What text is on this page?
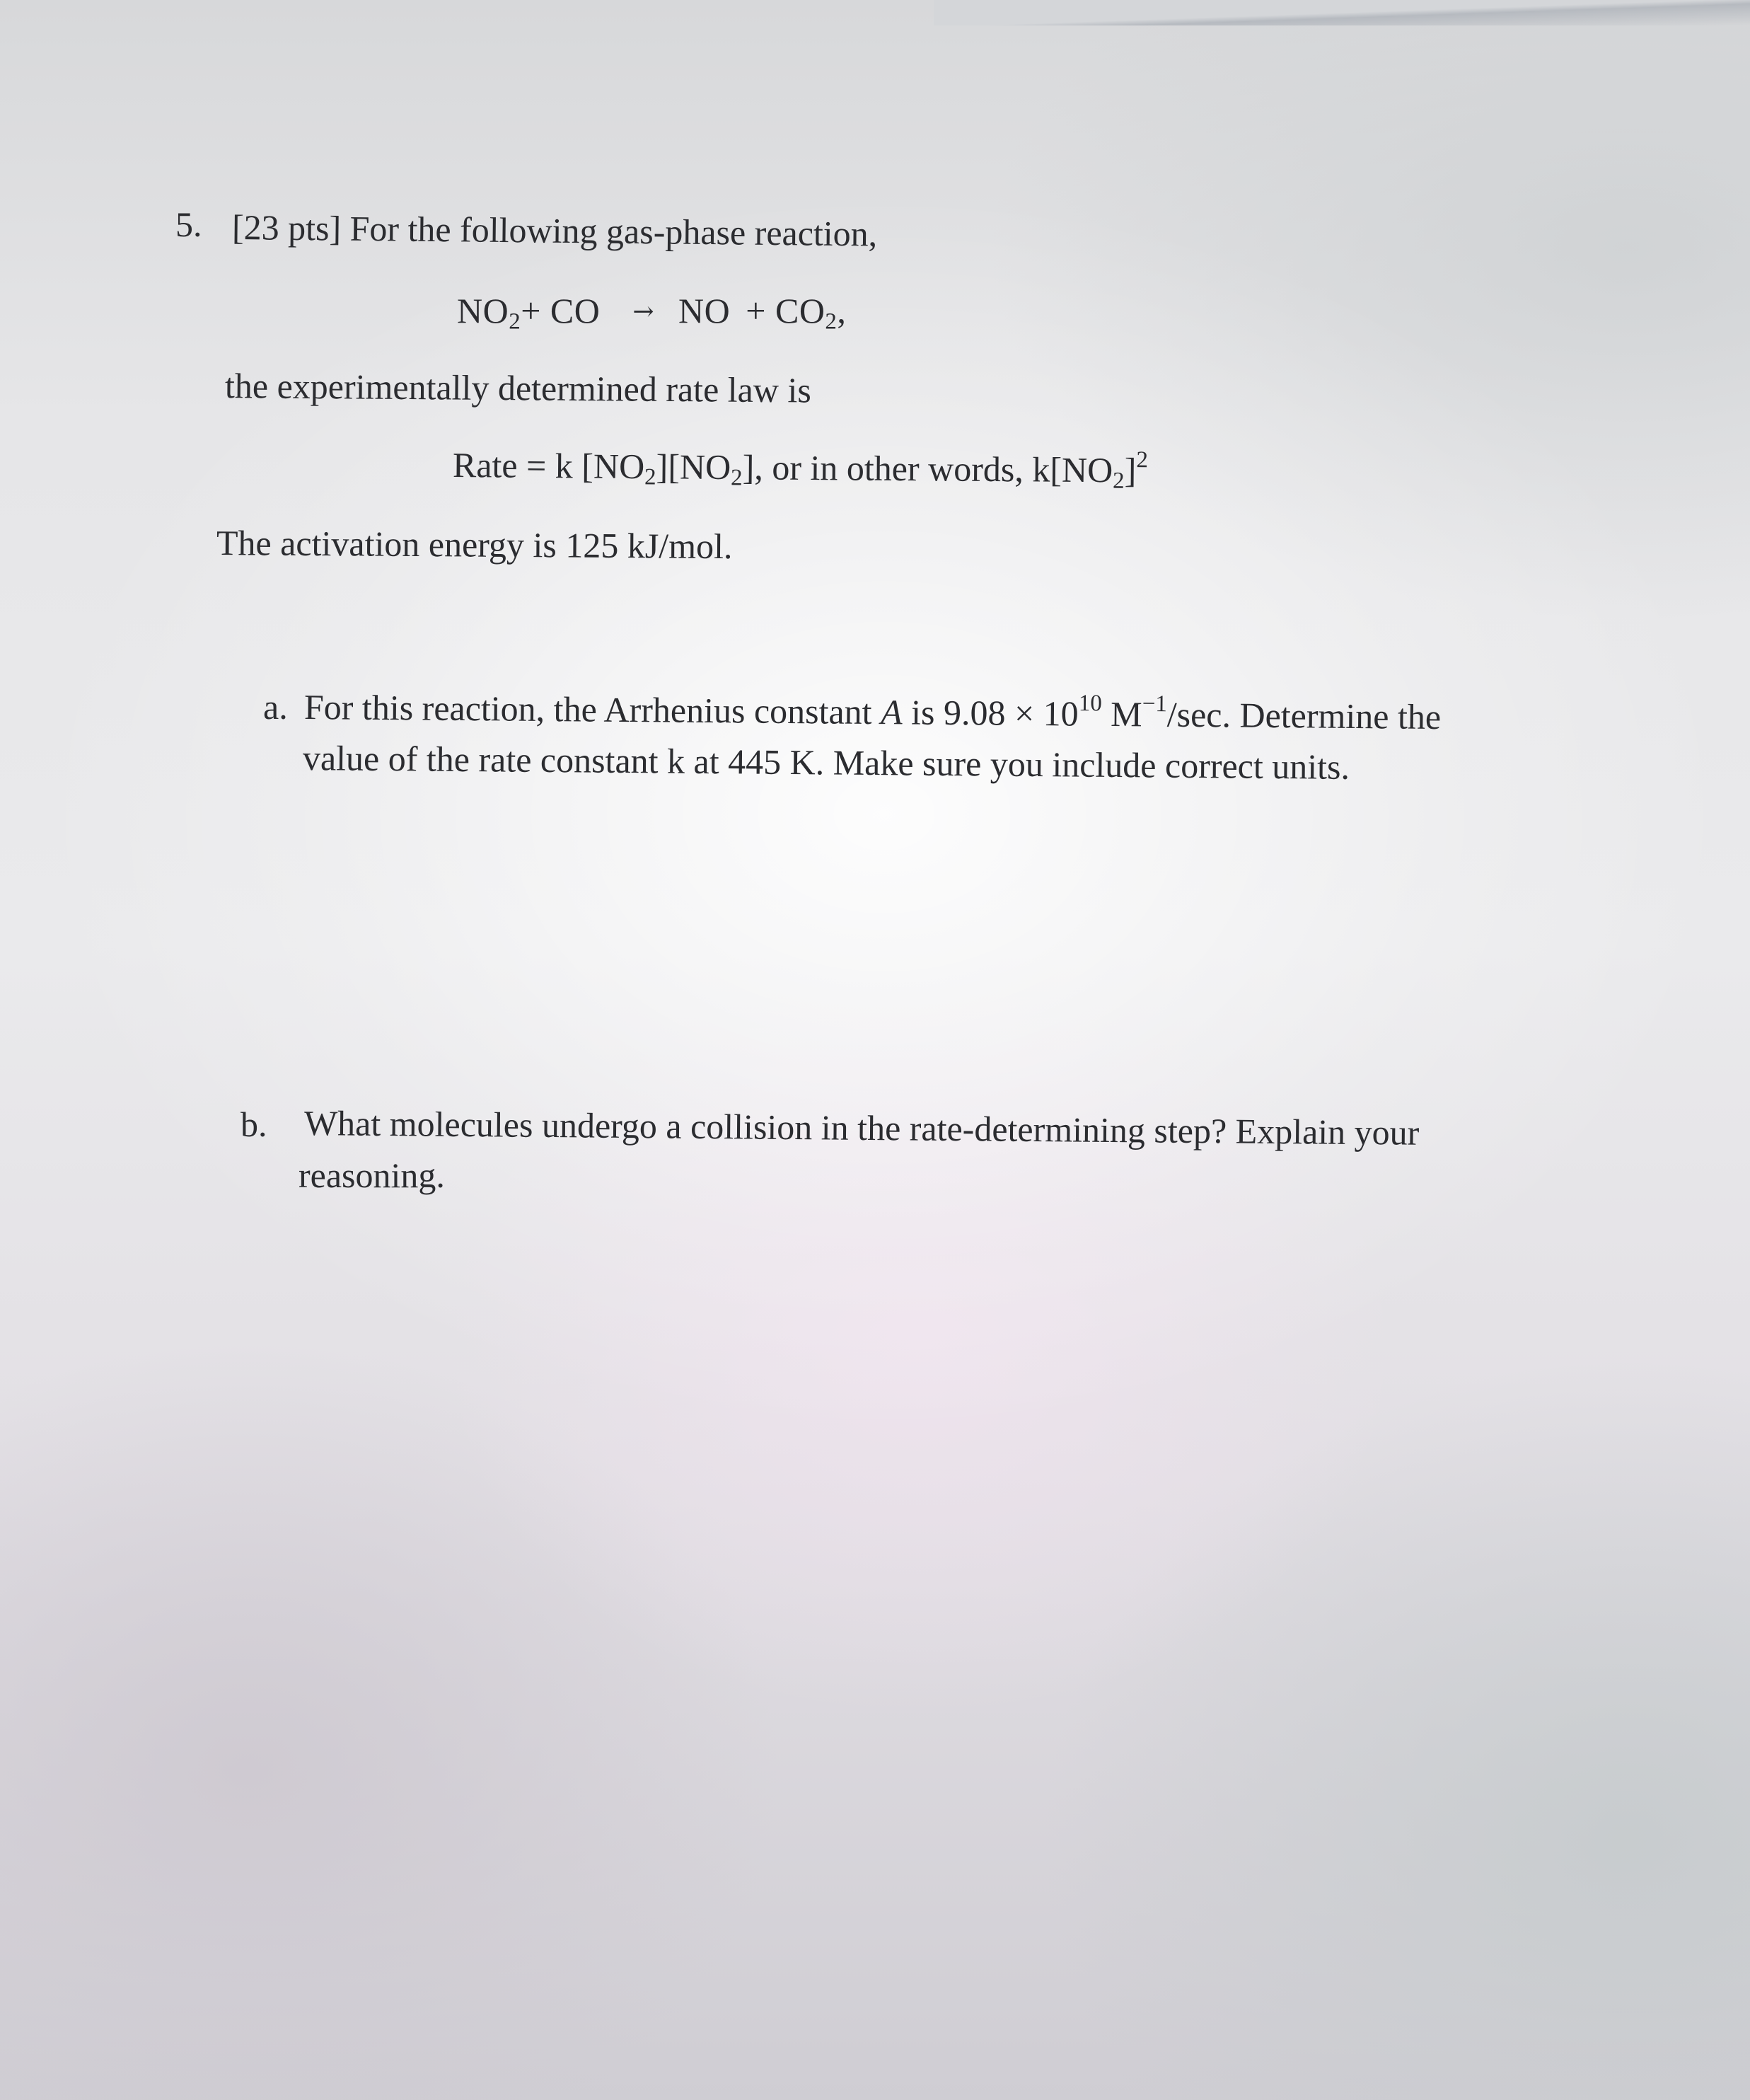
5. [23 pts] For the following gas-phase reaction,
$NO_2+$ CO → NO + $CO_2$,
the experimentally determined rate law is
Rate = k $[NO_2][NO_2]$, or in other words, $k[NO_2]^2$
The activation energy is 125 kJ/mol.
a. For this reaction, the Arrhenius constant A is $9.08 \times 10^{10}$ $M^{-1}/\sec$. Determine the
value of the rate constant k at 445 K. Make sure you include correct units.
b. What molecules undergo a collision in the rate-determining step? Explain your
reasoning.
